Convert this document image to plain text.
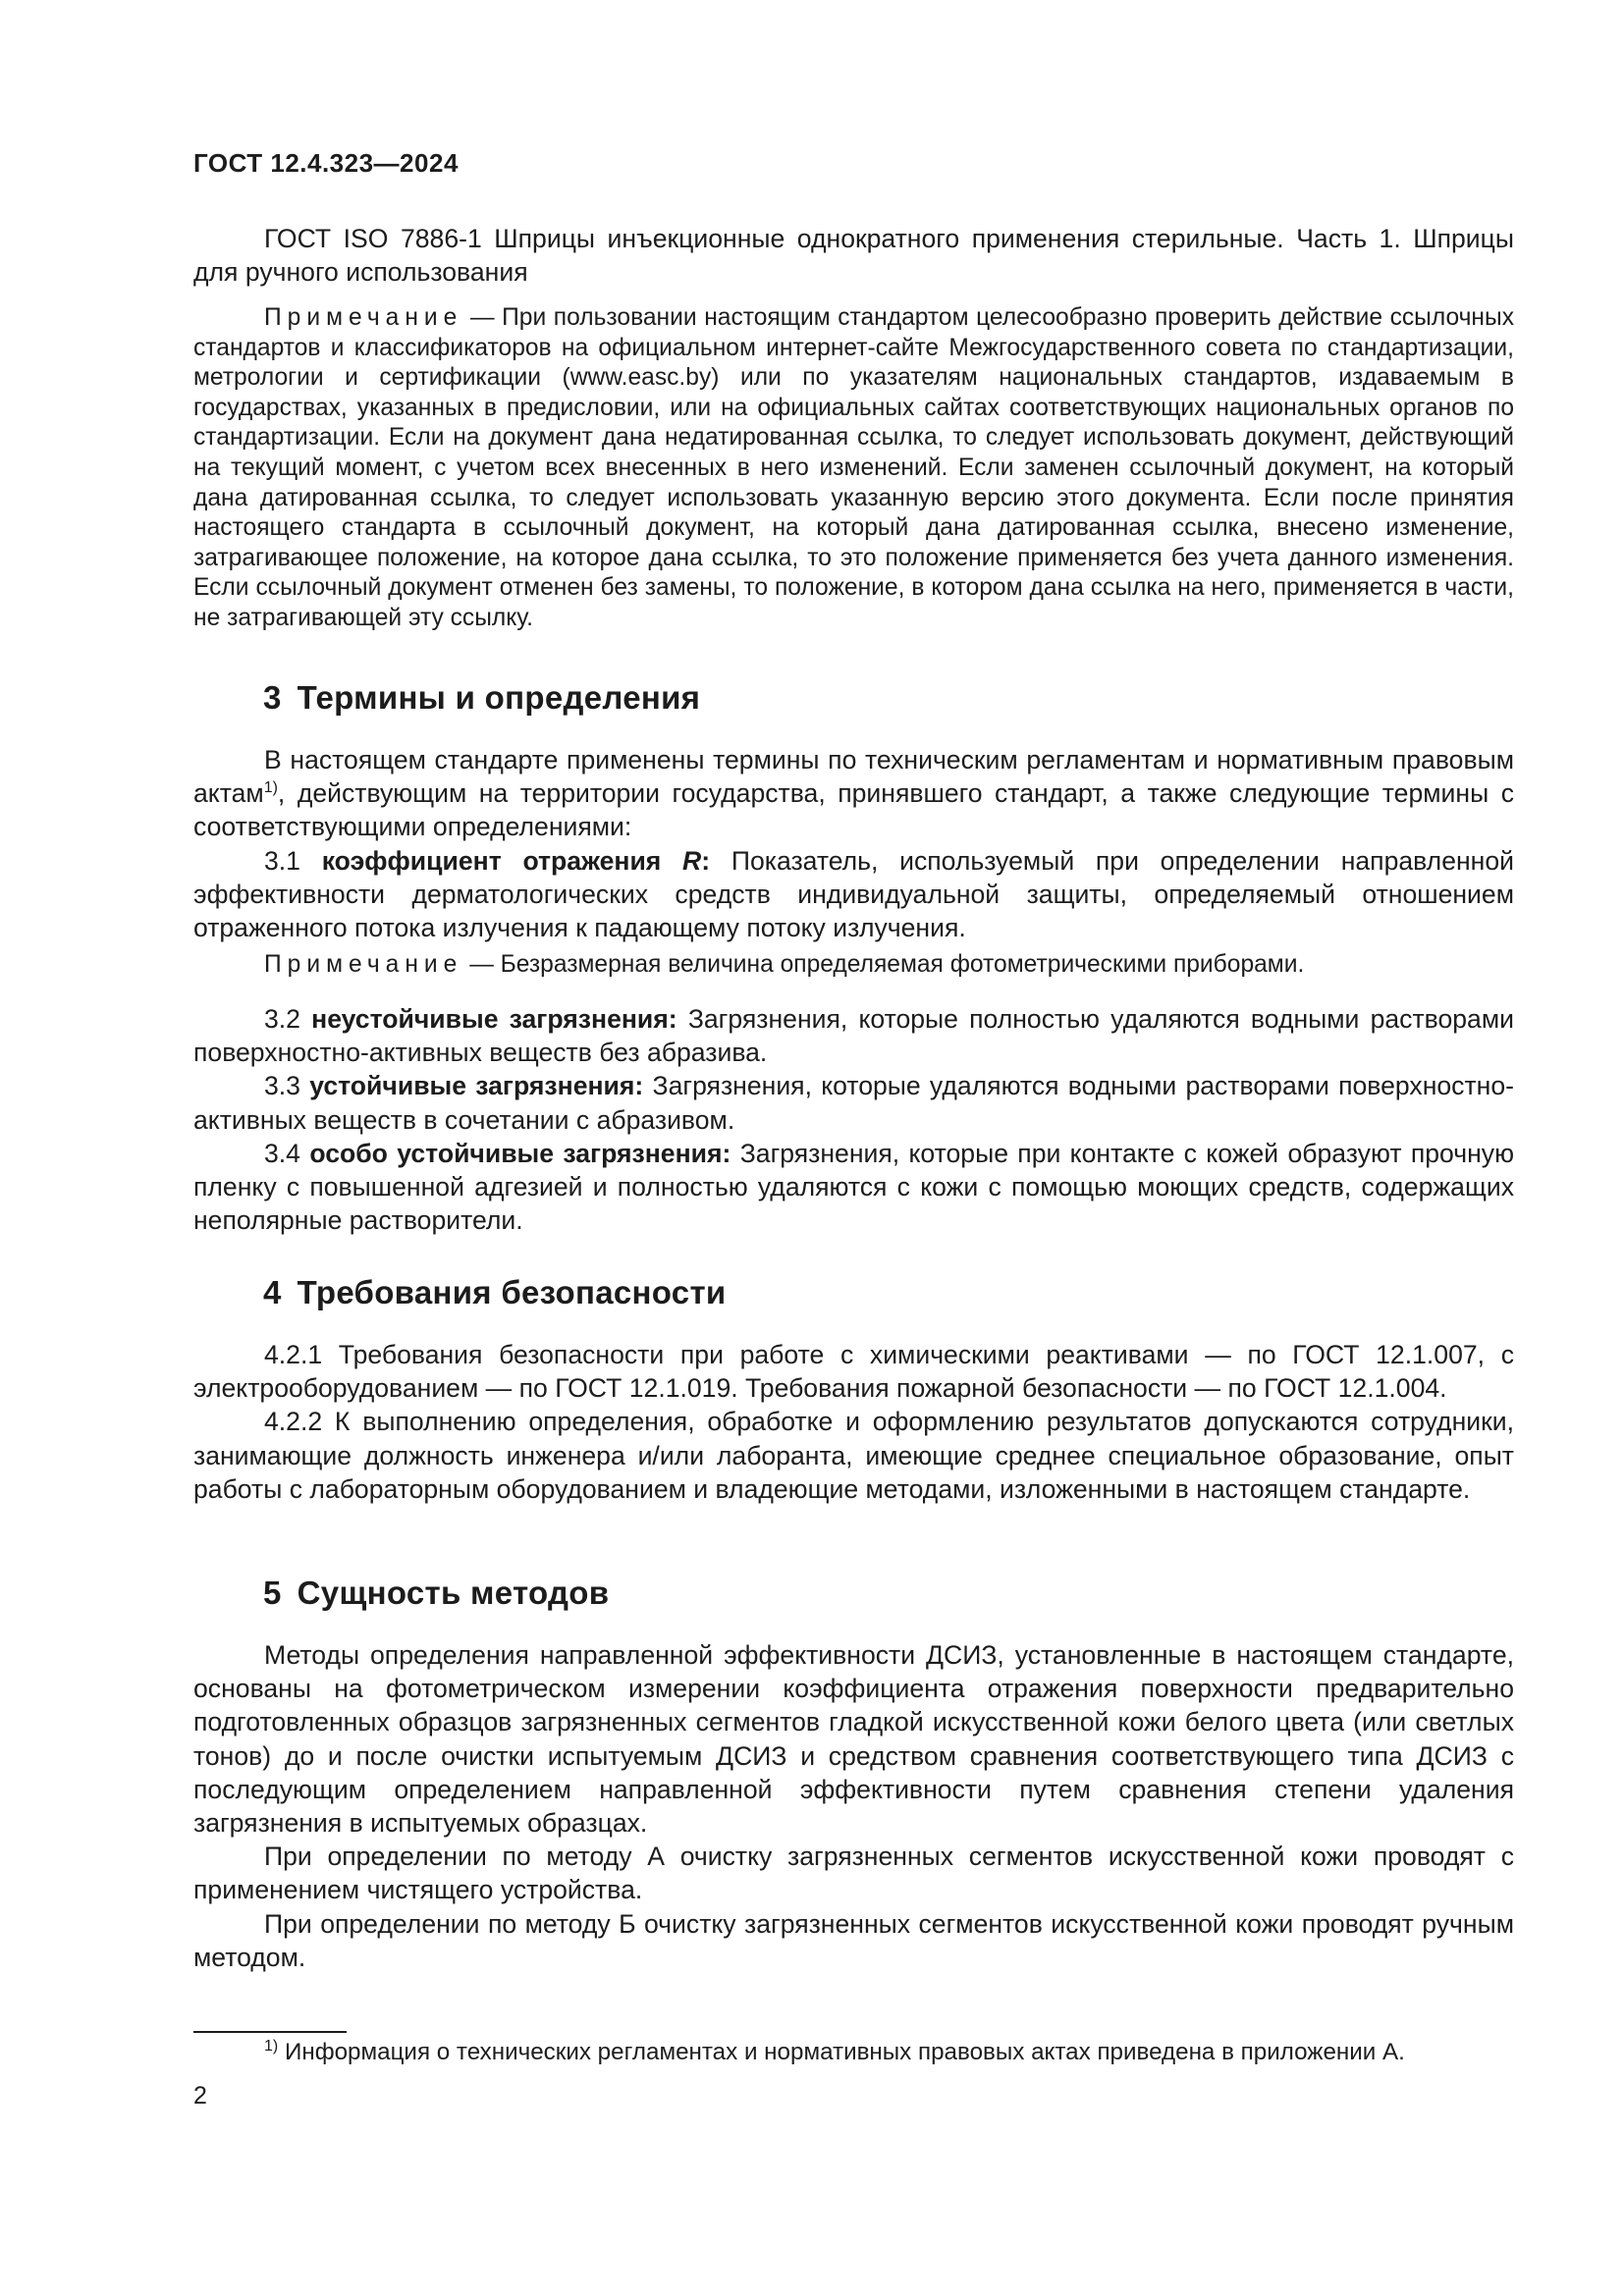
ГОСТ 12.4.323—2024

ГОСТ ISO 7886-1 Шприцы инъекционные однократного применения стерильные. Часть 1. Шприцы для ручного использования

Примечание — При пользовании настоящим стандартом целесообразно проверить действие ссылочных стандартов и классификаторов на официальном интернет-сайте Межгосударственного совета по стандартизации, метрологии и сертификации (www.easc.by) или по указателям национальных стандартов, издаваемым в государствах, указанных в предисловии, или на официальных сайтах соответствующих национальных органов по стандартизации. Если на документ дана недатированная ссылка, то следует использовать документ, действующий на текущий момент, с учетом всех внесенных в него изменений. Если заменен ссылочный документ, на который дана датированная ссылка, то следует использовать указанную версию этого документа. Если после принятия настоящего стандарта в ссылочный документ, на который дана датированная ссылка, внесено изменение, затрагивающее положение, на которое дана ссылка, то это положение применяется без учета данного изменения. Если ссылочный документ отменен без замены, то положение, в котором дана ссылка на него, применяется в части, не затрагивающей эту ссылку.

3 Термины и определения

В настоящем стандарте применены термины по техническим регламентам и нормативным правовым актам$^{1)}$, действующим на территории государства, принявшего стандарт, а также следующие термины с соответствующими определениями:

3.1 коэффициент отражения R: Показатель, используемый при определении направленной эффективности дерматологических средств индивидуальной защиты, определяемый отношением отраженного потока излучения к падающему потоку излучения.

Примечание — Безразмерная величина определяемая фотометрическими приборами.

3.2 неустойчивые загрязнения: Загрязнения, которые полностью удаляются водными растворами поверхностно-активных веществ без абразива.

3.3 устойчивые загрязнения: Загрязнения, которые удаляются водными растворами поверхностно-активных веществ в сочетании с абразивом.

3.4 особо устойчивые загрязнения: Загрязнения, которые при контакте с кожей образуют прочную пленку с повышенной адгезией и полностью удаляются с кожи с помощью моющих средств, содержащих неполярные растворители.

4 Требования безопасности

4.2.1 Требования безопасности при работе с химическими реактивами — по ГОСТ 12.1.007, с электрооборудованием — по ГОСТ 12.1.019. Требования пожарной безопасности — по ГОСТ 12.1.004.

4.2.2 К выполнению определения, обработке и оформлению результатов допускаются сотрудники, занимающие должность инженера и/или лаборанта, имеющие среднее специальное образование, опыт работы с лабораторным оборудованием и владеющие методами, изложенными в настоящем стандарте.

5 Сущность методов

Методы определения направленной эффективности ДСИЗ, установленные в настоящем стандарте, основаны на фотометрическом измерении коэффициента отражения поверхности предварительно подготовленных образцов загрязненных сегментов гладкой искусственной кожи белого цвета (или светлых тонов) до и после очистки испытуемым ДСИЗ и средством сравнения соответствующего типа ДСИЗ с последующим определением направленной эффективности путем сравнения степени удаления загрязнения в испытуемых образцах.

При определении по методу А очистку загрязненных сегментов искусственной кожи проводят с применением чистящего устройства.

При определении по методу Б очистку загрязненных сегментов искусственной кожи проводят ручным методом.

$^{1)}$ Информация о технических регламентах и нормативных правовых актах приведена в приложении А.
2
